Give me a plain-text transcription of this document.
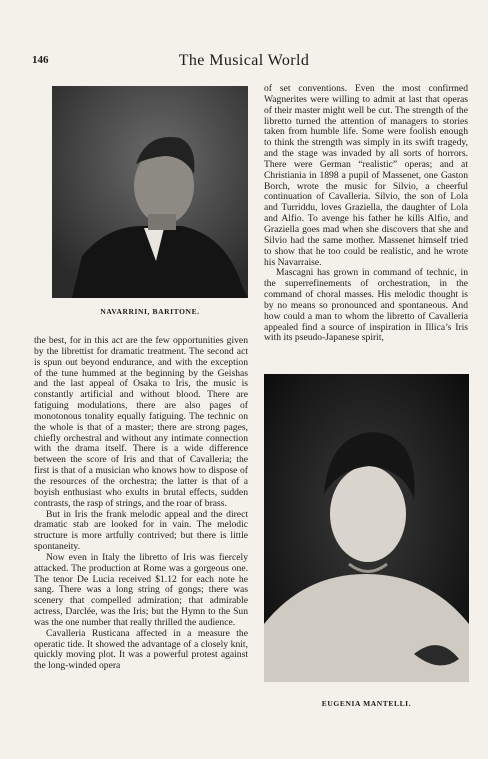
146	The Musical World
NAVARRINI, BARITONE.

of set conventions. Even the most confirmed Wagnerites were willing to admit at last that operas of their master might well be cut. The strength of the libretto turned the attention of managers to stories taken from humble life. Some were foolish enough to think the strength was simply in its swift tragedy, and the stage was invaded by all sorts of horrors. There were German “realistic” operas; and at Christiania in 1898 a pupil of Massenet, one Gaston Borch, wrote the music for Silvio, a cheerful continuation of Cavalleria. Silvio, the son of Lola and Turriddu, loves Graziella, the daughter of Lola and Alfio. To avenge his father he kills Alfio, and Graziella goes mad when she discovers that she and Silvio had the same mother. Massenet himself tried to show that he too could be realistic, and he wrote his Navarraise.

Mascagni has grown in command of technic, in the superrefinements of orchestration, in the command of choral masses. His melodic thought is by no means so pronounced and spontaneous. And how could a man to whom the libretto of Cavalleria appealed find a source of inspiration in Illica’s Iris with its pseudo-Japanese spirit,

the best, for in this act are the few opportunities given by the librettist for dramatic treatment. The second act is spun out beyond endurance, and with the exception of the tune hummed at the beginning by the Geishas and the last appeal of Osaka to Iris, the music is constantly artificial and without blood. There are fatiguing modulations, there are also pages of monotonous tonality equally fatiguing. The technic on the whole is that of a master; there are strong pages, chiefly orchestral and without any intimate connection with the drama itself. There is a wide difference between the score of Iris and that of Cavalleria; the first is that of a musician who knows how to dispose of the resources of the orchestra; the latter is that of a boyish enthusiast who exults in brutal effects, sudden contrasts, the rasp of strings, and the roar of brass.

But in Iris the frank melodic appeal and the direct dramatic stab are looked for in vain. The melodic structure is more artfully contrived; but there is little spontaneity.

Now even in Italy the libretto of Iris was fiercely attacked. The production at Rome was a gorgeous one. The tenor De Lucia received $1.12 for each note he sang. There was a long string of gongs; there was scenery that compelled admiration; that admirable actress, Darclée, was the Iris; but the Hymn to the Sun was the one number that really thrilled the audience.

Cavalleria Rusticana affected in a measure the operatic tide. It showed the advantage of a closely knit, quickly moving plot. It was a powerful protest against the long-winded opera

EUGENIA MANTELLI.
